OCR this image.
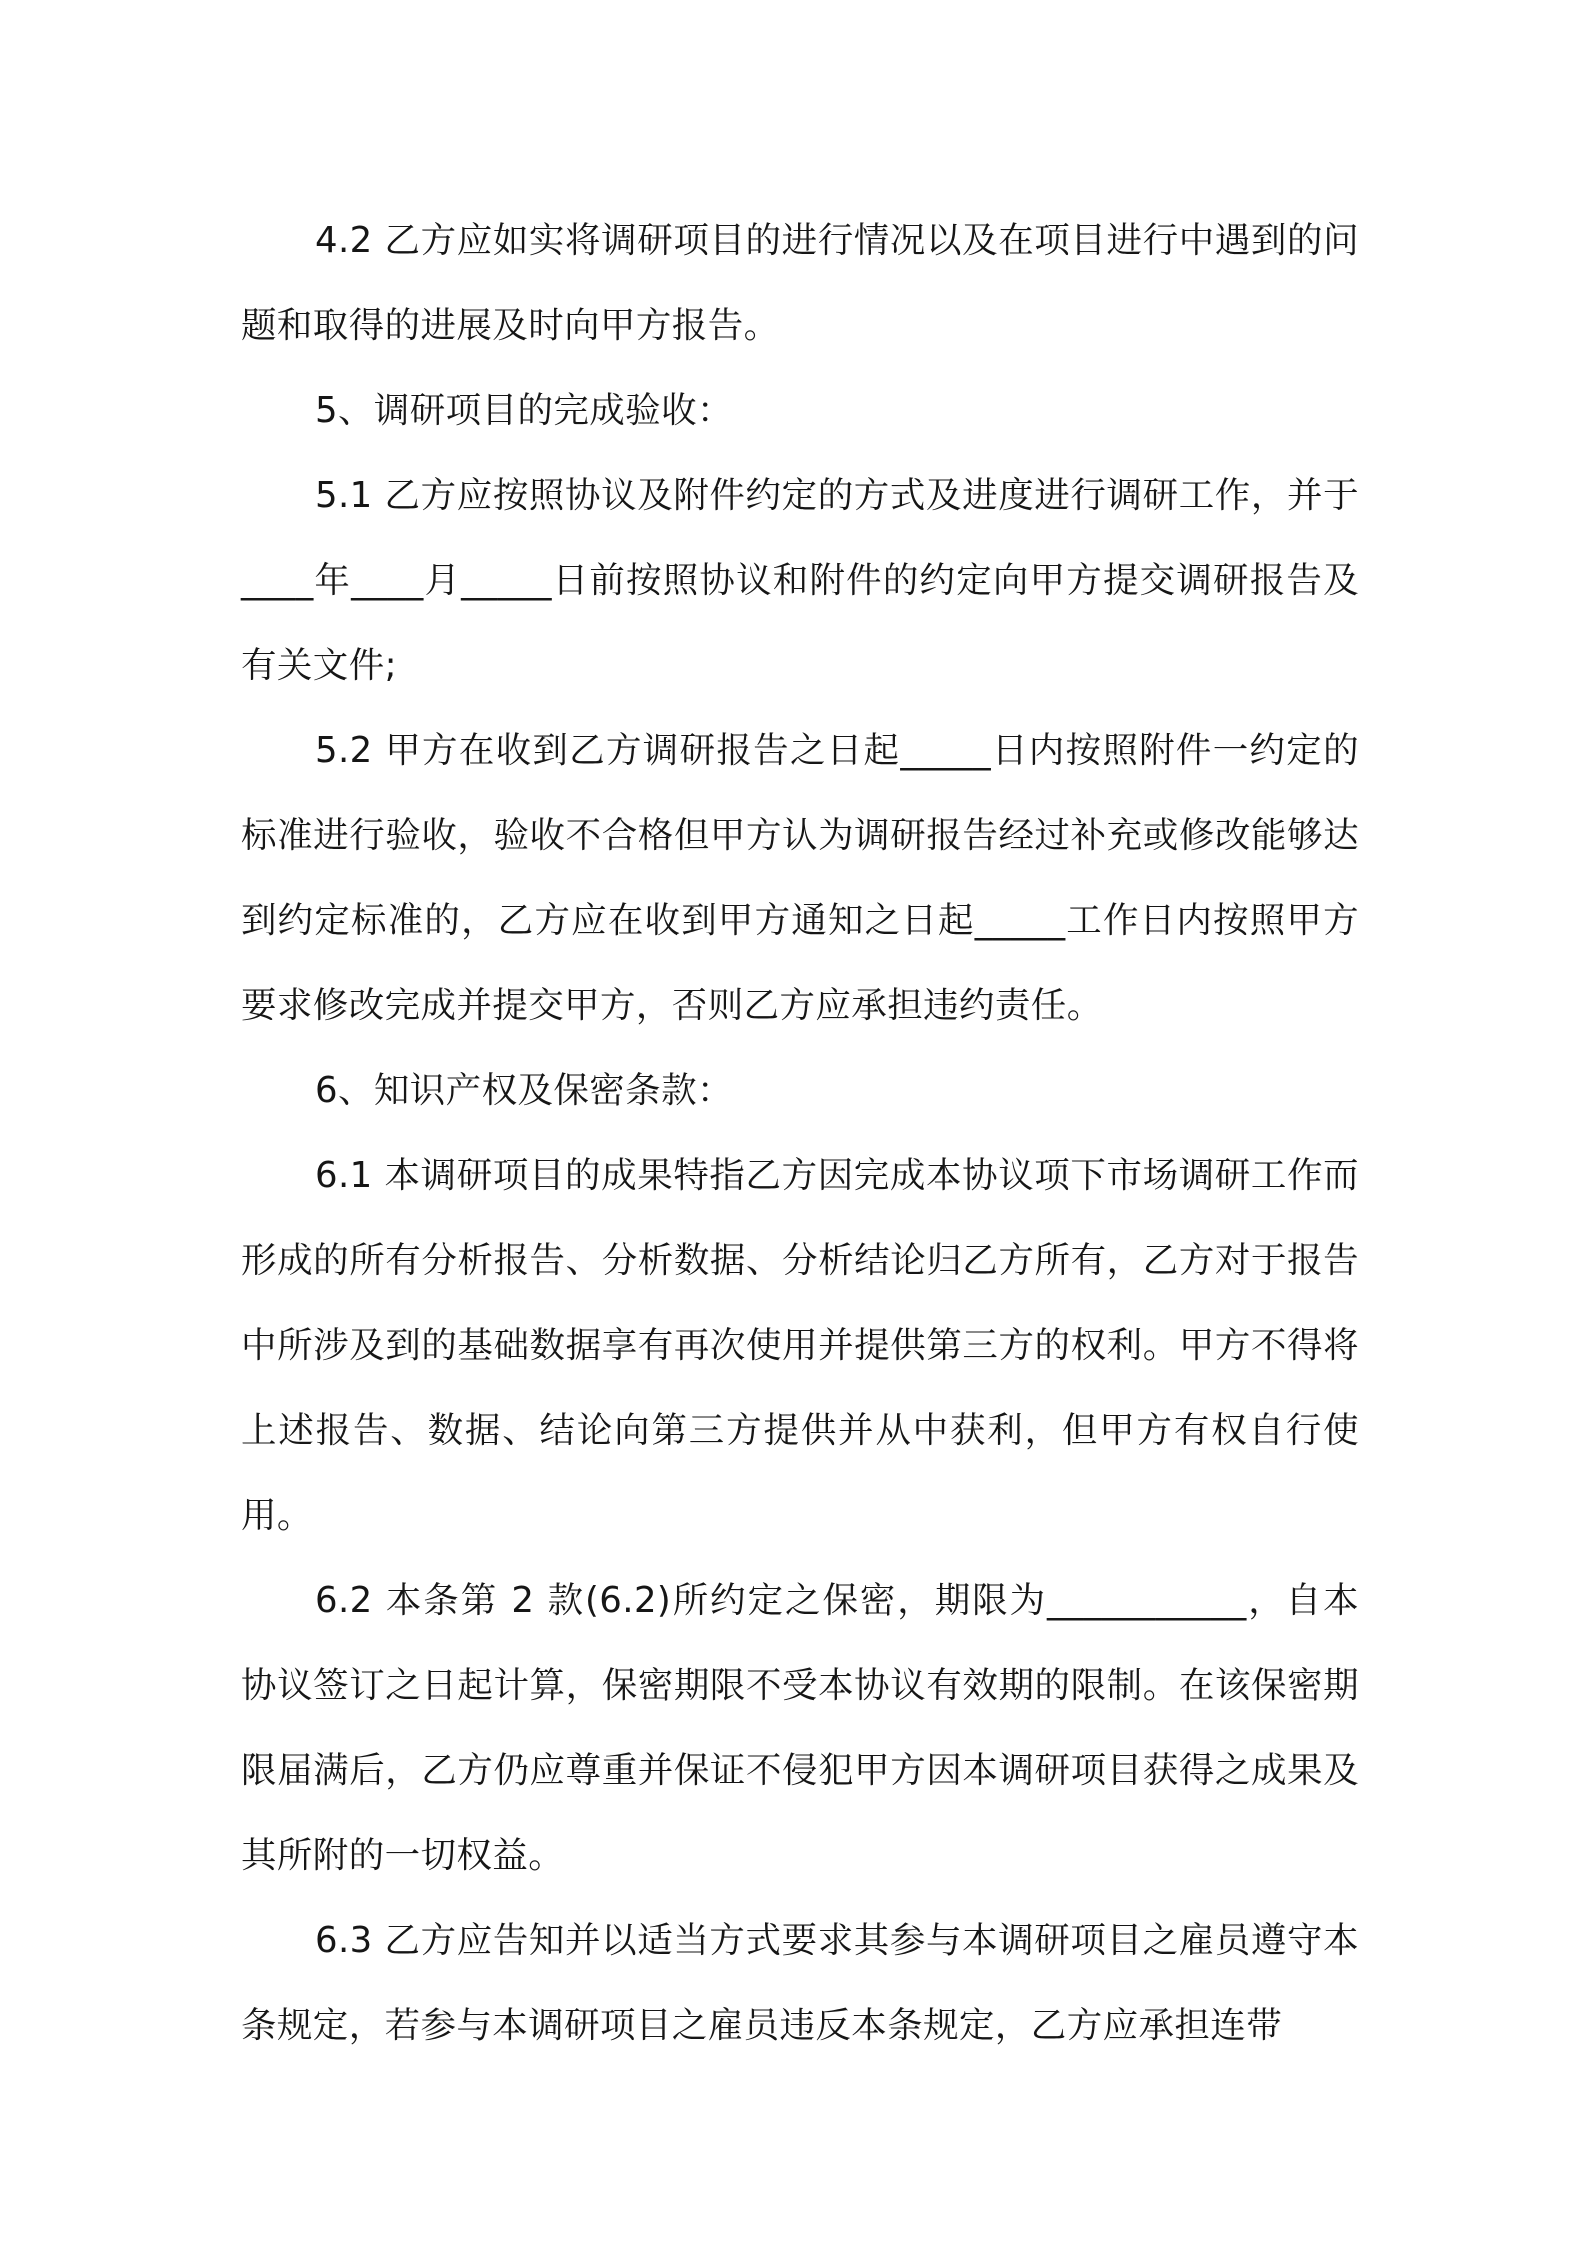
4.2 乙方应如实将调研项目的进行情况以及在项目进行中遇到的问题和取得的进展及时向甲方报告。

5、调研项目的完成验收：

5.1 乙方应按照协议及附件约定的方式及进度进行调研工作，并于____年____月_____日前按照协议和附件的约定向甲方提交调研报告及有关文件;

5.2 甲方在收到乙方调研报告之日起_____日内按照附件一约定的标准进行验收，验收不合格但甲方认为调研报告经过补充或修改能够达到约定标准的，乙方应在收到甲方通知之日起_____工作日内按照甲方要求修改完成并提交甲方，否则乙方应承担违约责任。

6、知识产权及保密条款：

6.1 本调研项目的成果特指乙方因完成本协议项下市场调研工作而形成的所有分析报告、分析数据、分析结论归乙方所有，乙方对于报告中所涉及到的基础数据享有再次使用并提供第三方的权利。甲方不得将上述报告、数据、结论向第三方提供并从中获利，但甲方有权自行使用。

6.2 本条第 2 款(6.2)所约定之保密，期限为___________，自本协议签订之日起计算，保密期限不受本协议有效期的限制。在该保密期限届满后，乙方仍应尊重并保证不侵犯甲方因本调研项目获得之成果及其所附的一切权益。

6.3 乙方应告知并以适当方式要求其参与本调研项目之雇员遵守本条规定，若参与本调研项目之雇员违反本条规定，乙方应承担连带
